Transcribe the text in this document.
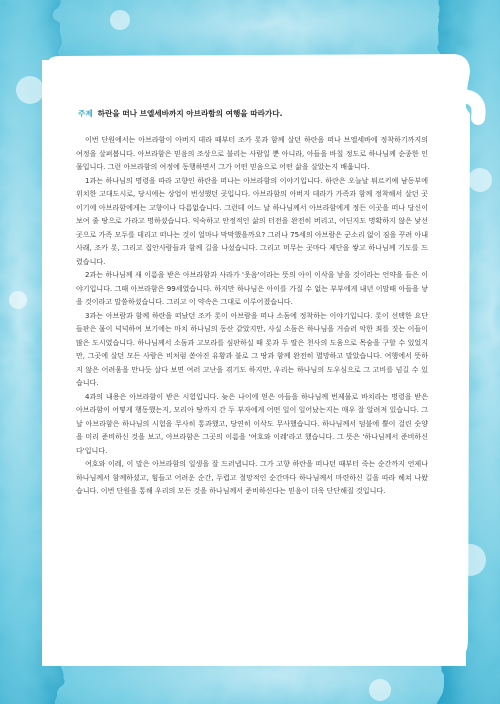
주제 하란을 떠나 브엘세바까지 아브라함의 여행을 따라가다.

이번 단원에서는 아브라함이 아버지 데라 때부터 조카 롯과 함께 살던 하란을 떠나 브엘세바에 정착하기까지의 여정을 살펴봅니다. 아브라함은 믿음의 조상으로 불리는 사람일 뿐 아니라, 아들을 바칠 정도로 하나님께 순종한 인물입니다. 그런 아브라함의 여정에 동행하면서 그가 어떤 믿음으로 어떤 삶을 살았는지 배웁니다.

1과는 하나님의 명령을 따라 고향인 하란을 떠나는 아브라함의 이야기입니다. 하란은 오늘날 튀르키예 남동부에 위치한 고대도시로, 당시에는 상업이 번성했던 곳입니다. 아브라함의 아버지 데라가 가족과 함께 정착해서 살던 곳이기에 아브라함에게는 고향이나 다름없습니다. 그런데 어느 날 하나님께서 아브라함에게 정든 이곳을 떠나 당신이 보여 줄 땅으로 가라고 명하셨습니다. 익숙하고 안정적인 삶의 터전을 완전히 버리고, 어딘지도 명확하지 않은 낯선 곳으로 가족 모두를 데리고 떠나는 것이 얼마나 막막했을까요? 그러나 75세의 아브람은 군소리 없이 짐을 꾸려 아내 사래, 조카 롯, 그리고 집안사람들과 함께 길을 나섰습니다. 그리고 머무는 곳마다 제단을 쌓고 하나님께 기도를 드렸습니다.

2과는 하나님께 새 이름을 받은 아브라함과 사라가 '웃음'이라는 뜻의 아이 이삭을 낳을 것이라는 언약을 들은 이야기입니다. 그때 아브라함은 99세였습니다. 하지만 하나님은 아이를 가질 수 없는 부부에게 내년 이맘때 아들을 낳을 것이라고 말씀하셨습니다. 그리고 이 약속은 그대로 이루어졌습니다.

3과는 아브람과 함께 하란을 떠났던 조카 롯이 아브람을 떠나 소돔에 정착하는 이야기입니다. 롯이 선택한 요단 들판은 물이 넉넉하여 보기에는 마치 하나님의 동산 같았지만, 사실 소돔은 하나님을 거슬러 악한 죄를 짓는 이들이 많은 도시였습니다. 하나님께서 소돔과 고모라를 심판하실 때 롯과 두 딸은 천사의 도움으로 목숨을 구할 수 있었지만, 그곳에 살던 모든 사람은 비처럼 쏟아진 유황과 불로 그 땅과 함께 완전히 멸망하고 말았습니다. 여행에서 뜻하지 않은 어려움을 만나듯 살다 보면 여러 고난을 겪기도 하지만, 우리는 하나님의 도우심으로 그 고비를 넘길 수 있습니다.

4과의 내용은 아브라함이 받은 시험입니다. 늦은 나이에 얻은 아들을 하나님께 번제물로 바치라는 명령을 받은 아브라함이 어떻게 행동했는지, 모리아 땅까지 간 두 부자에게 어떤 일이 일어났는지는 매우 잘 알려져 있습니다. 그날 아브라함은 하나님의 시험을 무사히 통과했고, 당연히 이삭도 무사했습니다. 하나님께서 덤불에 뿔이 걸린 숫양을 미리 준비하신 것을 보고, 아브라함은 그곳의 이름을 '여호와 이레'라고 했습니다. 그 뜻은 '하나님께서 준비하신다'입니다.

여호와 이레, 이 말은 아브라함의 일생을 잘 드러냅니다. 그가 고향 하란을 떠나던 때부터 죽는 순간까지 언제나 하나님께서 함께하셨고, 힘들고 어려운 순간, 두렵고 절망적인 순간마다 하나님께서 마련하신 길을 따라 헤쳐 나왔습니다. 이번 단원을 통해 우리의 모든 것을 하나님께서 준비하신다는 믿음이 더욱 단단해질 것입니다.
